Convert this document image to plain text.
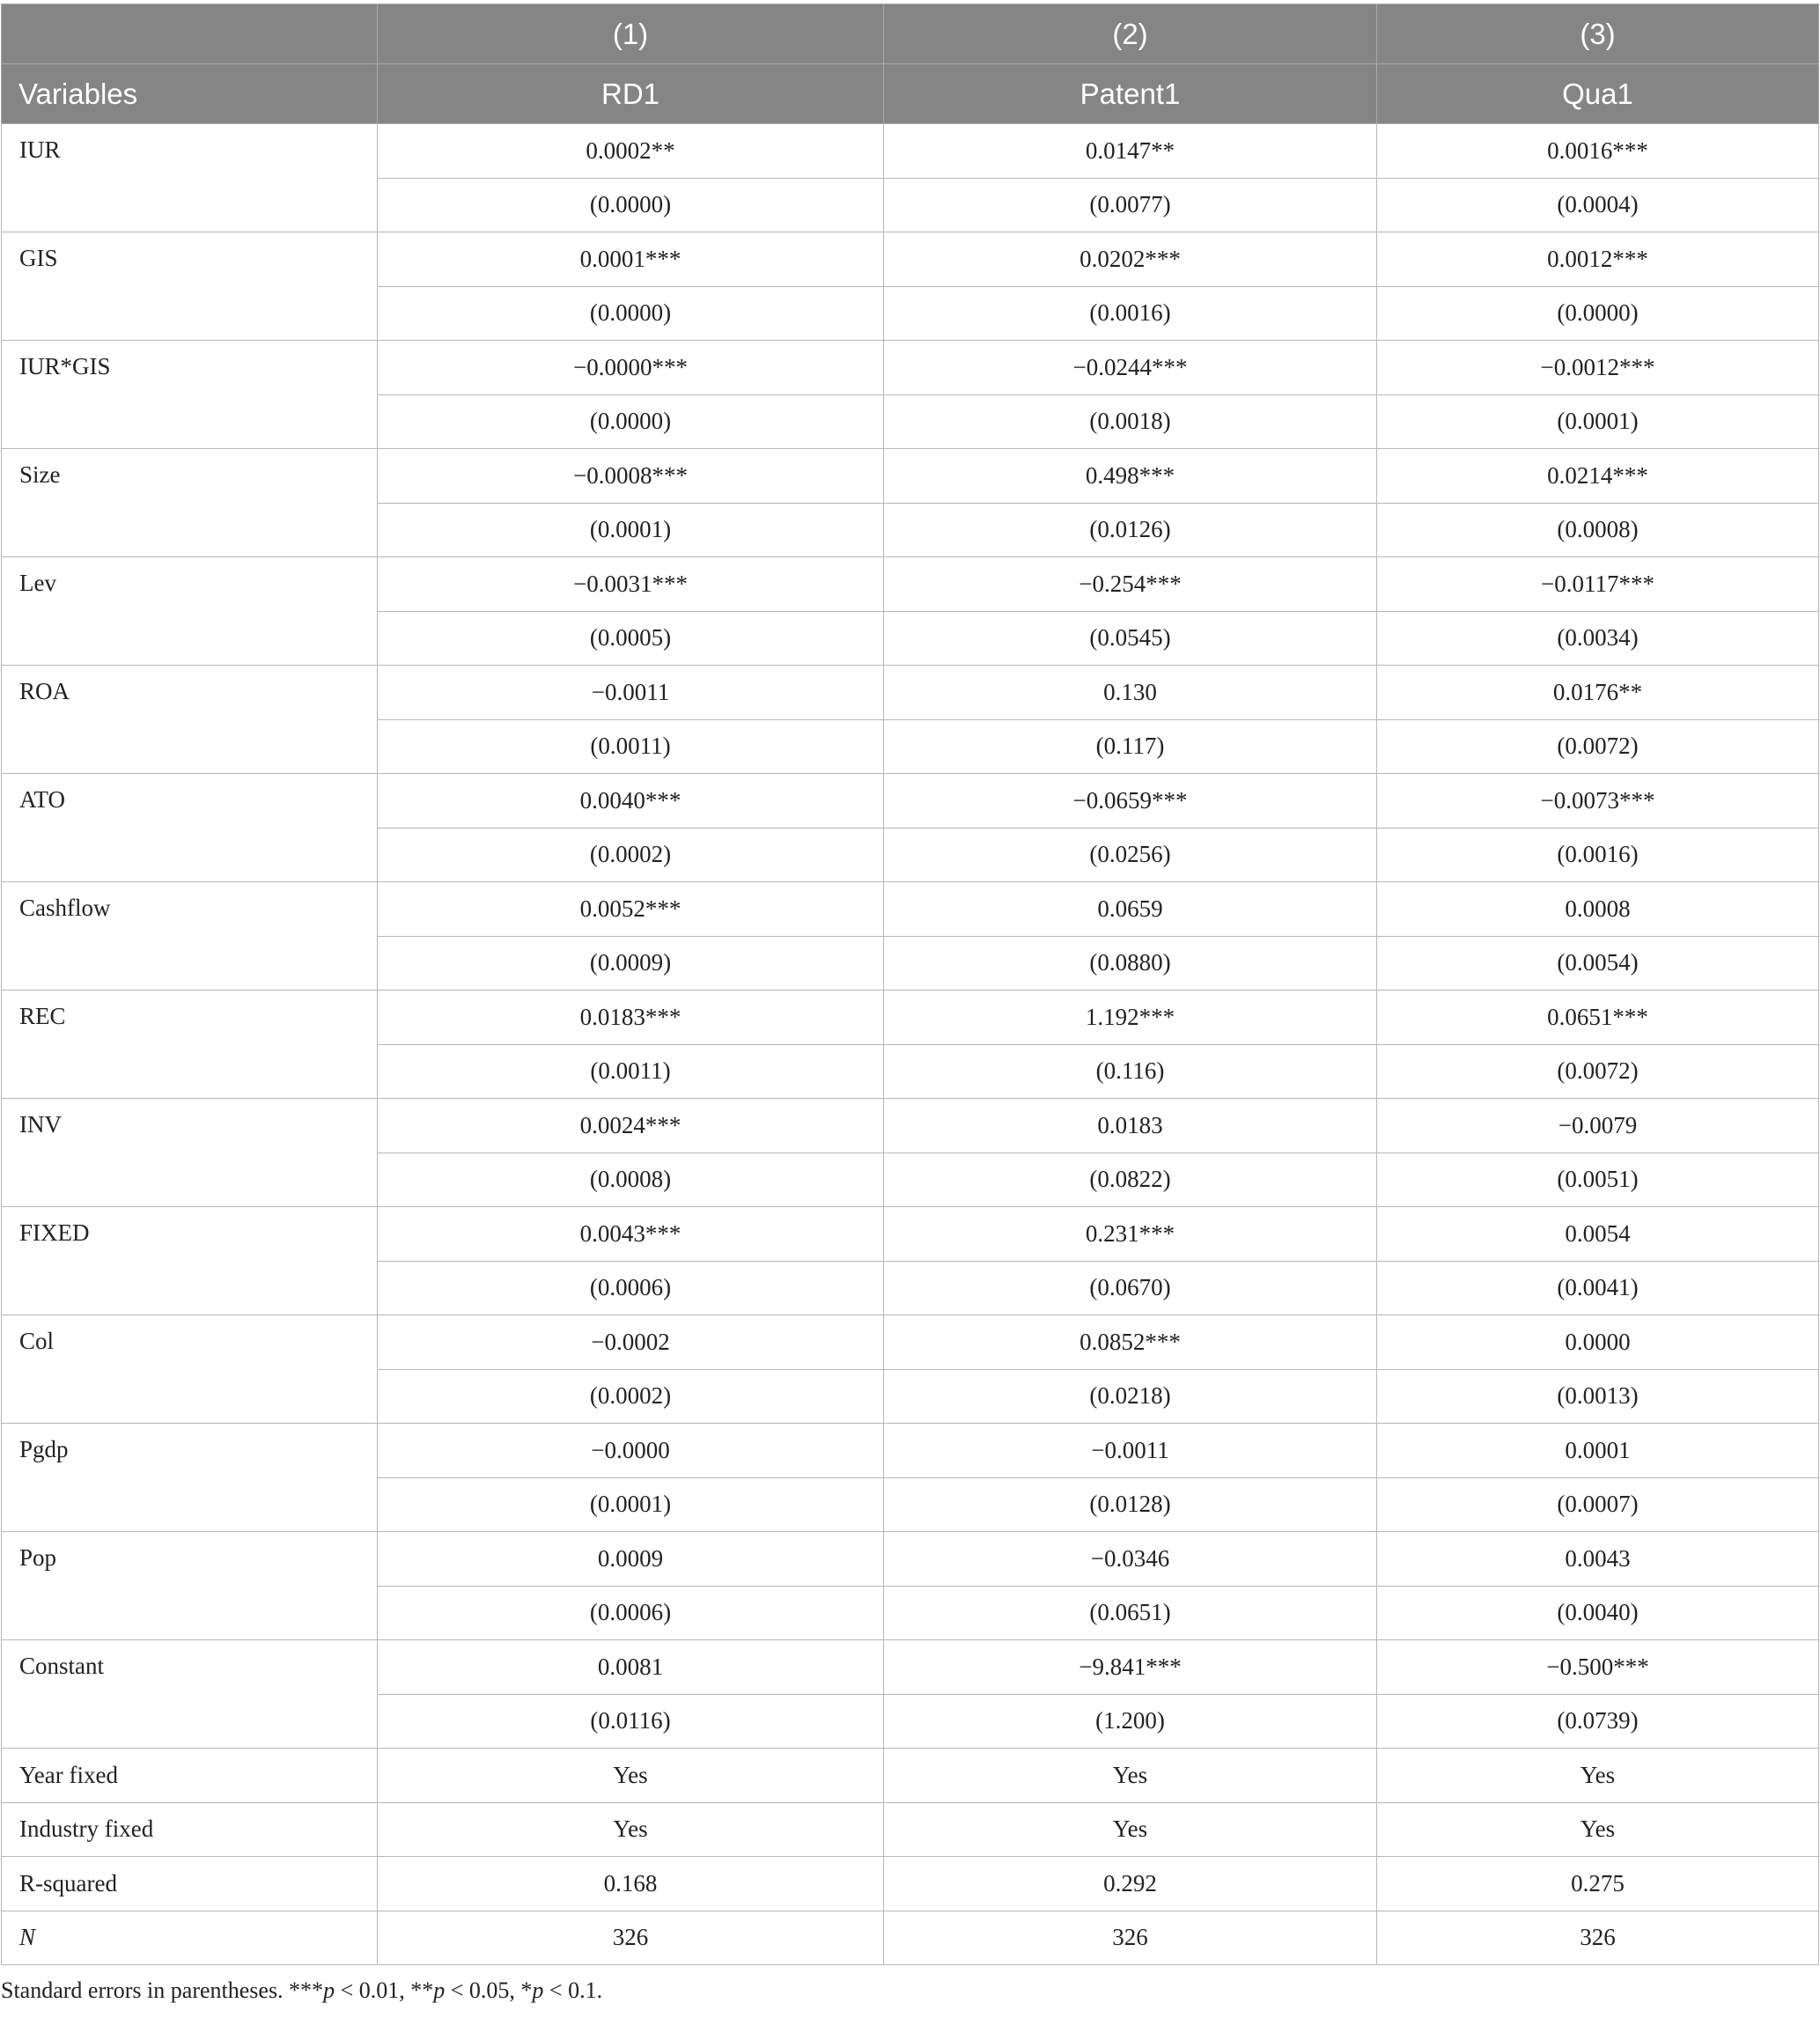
	(1)	(2)	(3)
Variables	RD1	Patent1	Qua1
IUR	0.0002**	0.0147**	0.0016***
	(0.0000)	(0.0077)	(0.0004)
GIS	0.0001***	0.0202***	0.0012***
	(0.0000)	(0.0016)	(0.0000)
IUR*GIS	−0.0000***	−0.0244***	−0.0012***
	(0.0000)	(0.0018)	(0.0001)
Size	−0.0008***	0.498***	0.0214***
	(0.0001)	(0.0126)	(0.0008)
Lev	−0.0031***	−0.254***	−0.0117***
	(0.0005)	(0.0545)	(0.0034)
ROA	−0.0011	0.130	0.0176**
	(0.0011)	(0.117)	(0.0072)
ATO	0.0040***	−0.0659***	−0.0073***
	(0.0002)	(0.0256)	(0.0016)
Cashflow	0.0052***	0.0659	0.0008
	(0.0009)	(0.0880)	(0.0054)
REC	0.0183***	1.192***	0.0651***
	(0.0011)	(0.116)	(0.0072)
INV	0.0024***	0.0183	−0.0079
	(0.0008)	(0.0822)	(0.0051)
FIXED	0.0043***	0.231***	0.0054
	(0.0006)	(0.0670)	(0.0041)
Col	−0.0002	0.0852***	0.0000
	(0.0002)	(0.0218)	(0.0013)
Pgdp	−0.0000	−0.0011	0.0001
	(0.0001)	(0.0128)	(0.0007)
Pop	0.0009	−0.0346	0.0043
	(0.0006)	(0.0651)	(0.0040)
Constant	0.0081	−9.841***	−0.500***
	(0.0116)	(1.200)	(0.0739)
Year fixed	Yes	Yes	Yes
Industry fixed	Yes	Yes	Yes
R-squared	0.168	0.292	0.275
N	326	326	326
Standard errors in parentheses. ***p < 0.01, **p < 0.05, *p < 0.1.
